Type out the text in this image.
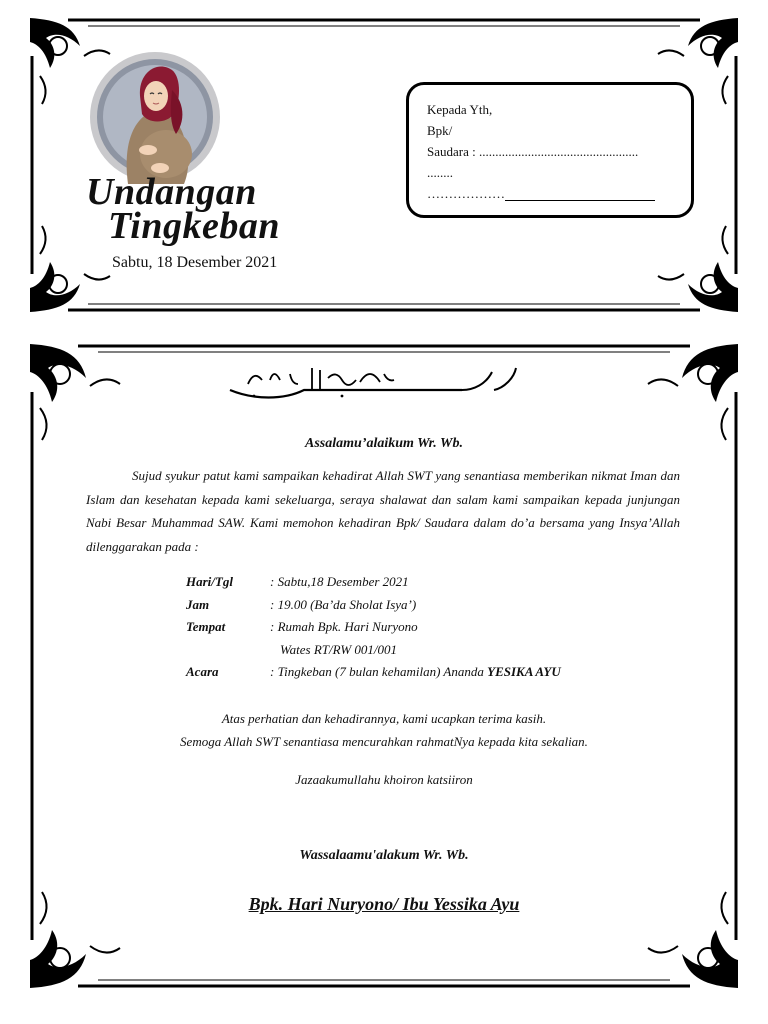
Undangan
Tingkeban
Sabtu, 18 Desember 2021
Kepada Yth,
Bpk/
Saudara : .................................................
........
………………
Assalamu’alaikum Wr. Wb.

Sujud syukur patut kami sampaikan kehadirat Allah SWT yang senantiasa memberikan nikmat Iman dan Islam dan kesehatan kepada kami sekeluarga, seraya shalawat dan salam kami sampaikan kepada junjungan Nabi Besar Muhammad SAW. Kami memohon kehadiran Bpk/ Saudara dalam do’a bersama yang Insya’Allah dilenggarakan pada :

Hari/Tgl	: Sabtu,18 Desember 2021
Jam	: 19.00 (Ba’da Sholat Isya’)
Tempat	: Rumah Bpk. Hari Nuryono
Wates RT/RW 001/001
Acara	: Tingkeban (7 bulan kehamilan) Ananda YESIKA AYU
Atas perhatian dan kehadirannya, kami ucapkan terima kasih.
Semoga Allah SWT senantiasa mencurahkan rahmatNya kepada kita sekalian.
Jazaakumullahu khoiron katsiiron
Wassalaamu'alakum Wr. Wb.
Bpk. Hari Nuryono/ Ibu Yessika Ayu
